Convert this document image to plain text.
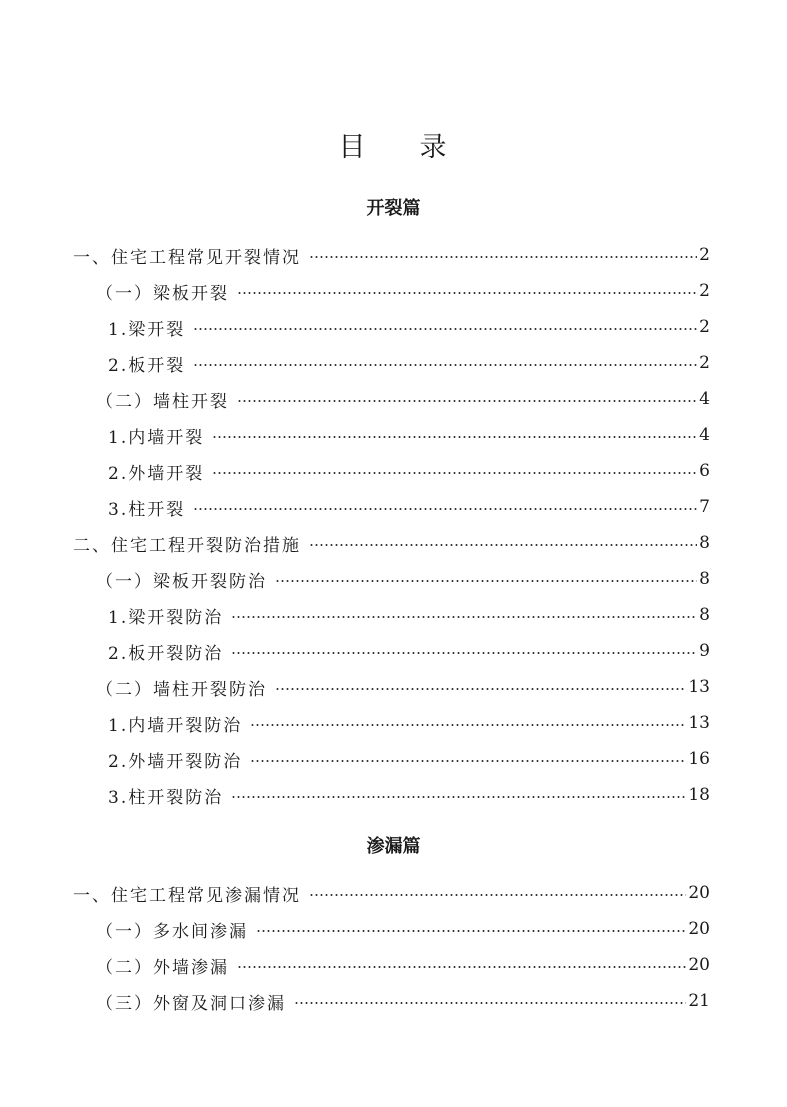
目 录
开裂篇
一、住宅工程常见开裂情况	2
（一）梁板开裂	2
1.梁开裂	2
2.板开裂	2
（二）墙柱开裂	4
1.内墙开裂	4
2.外墙开裂	6
3.柱开裂	7
二、住宅工程开裂防治措施	8
（一）梁板开裂防治	8
1.梁开裂防治	8
2.板开裂防治	9
（二）墙柱开裂防治	13
1.内墙开裂防治	13
2.外墙开裂防治	16
3.柱开裂防治	18
渗漏篇
一、住宅工程常见渗漏情况	20
（一）多水间渗漏	20
（二）外墙渗漏	20
（三）外窗及洞口渗漏	21
